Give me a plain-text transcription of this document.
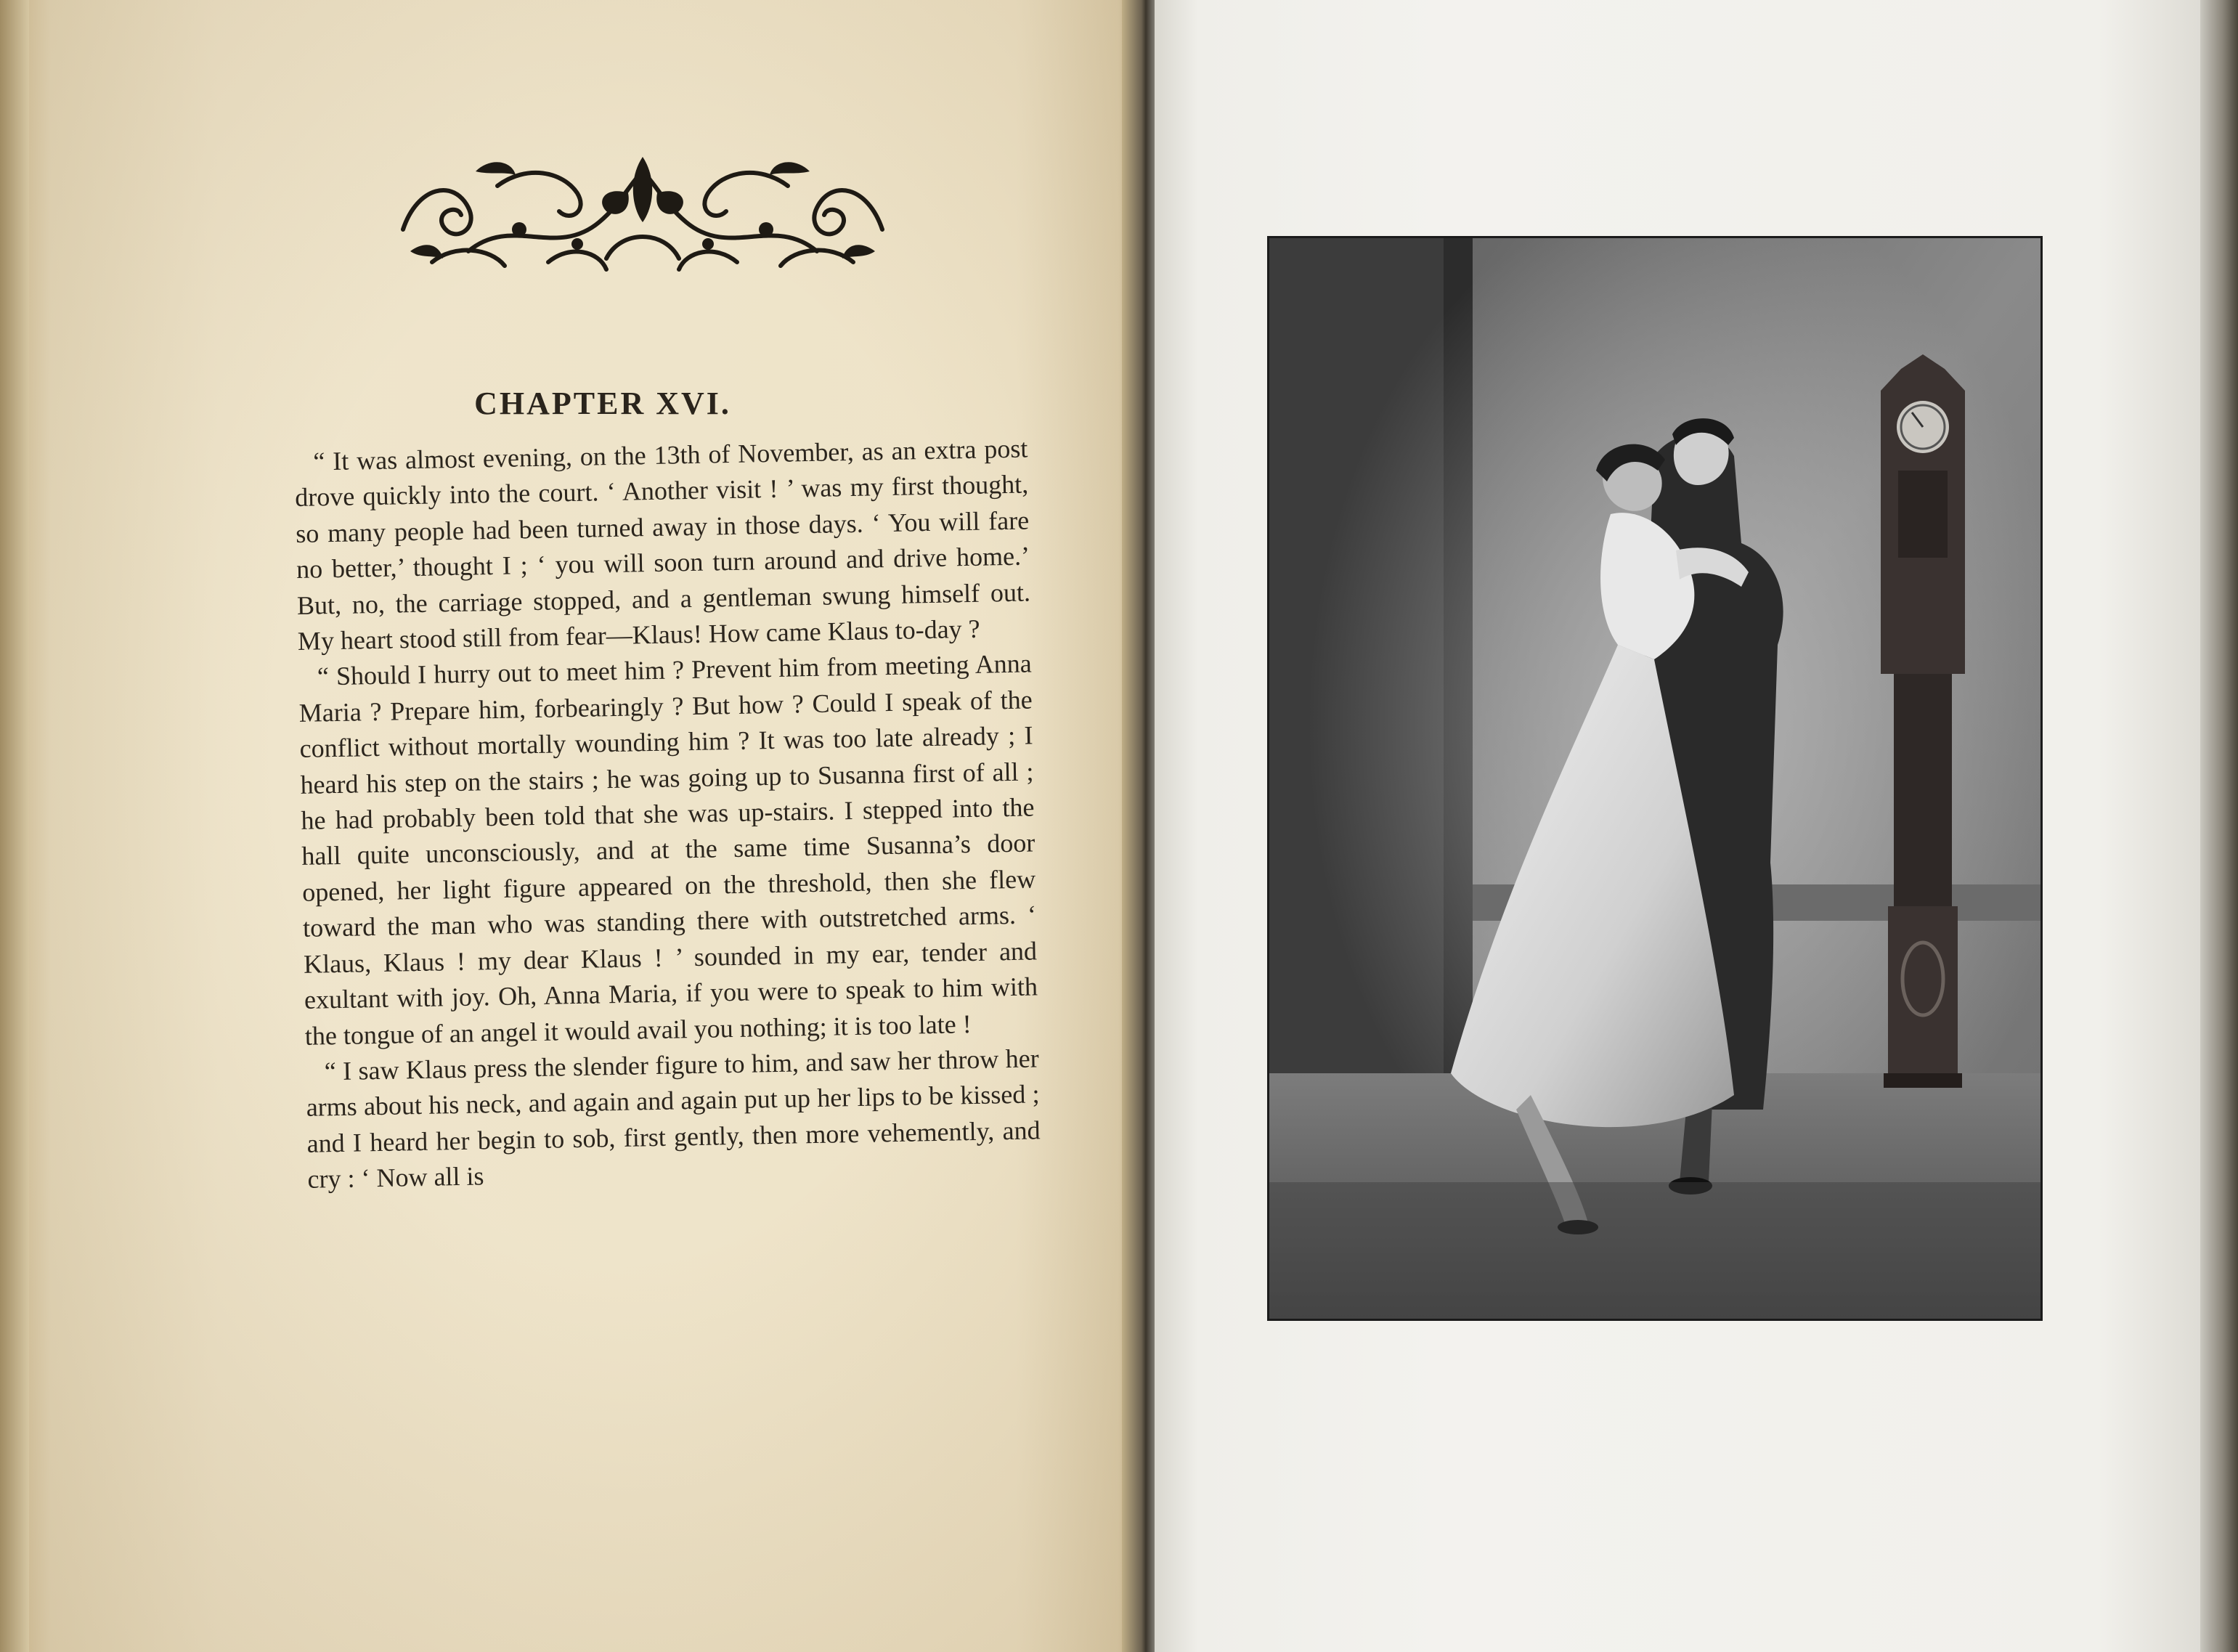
CHAPTER XVI.

“ It was almost evening, on the 13th of November, as an extra post drove quickly into the court. ‘ Another visit ! ’ was my first thought, so many people had been turned away in those days. ‘ You will fare no better,’ thought I ; ‘ you will soon turn around and drive home.’ But, no, the carriage stopped, and a gentleman swung himself out. My heart stood still from fear—Klaus! How came Klaus to-day ?

“ Should I hurry out to meet him ? Prevent him from meeting Anna Maria ? Prepare him, forbearingly ? But how ? Could I speak of the conflict without mortally wounding him ? It was too late already ; I heard his step on the stairs ; he was going up to Susanna first of all ; he had probably been told that she was up-stairs. I stepped into the hall quite unconsciously, and at the same time Susanna’s door opened, her light figure appeared on the threshold, then she flew toward the man who was standing there with outstretched arms. ‘ Klaus, Klaus ! my dear Klaus ! ’ sounded in my ear, tender and exultant with joy. Oh, Anna Maria, if you were to speak to him with the tongue of an angel it would avail you nothing; it is too late !

“ I saw Klaus press the slender figure to him, and saw her throw her arms about his neck, and again and again put up her lips to be kissed ; and I heard her begin to sob, first gently, then more vehemently, and cry : ‘ Now all is
